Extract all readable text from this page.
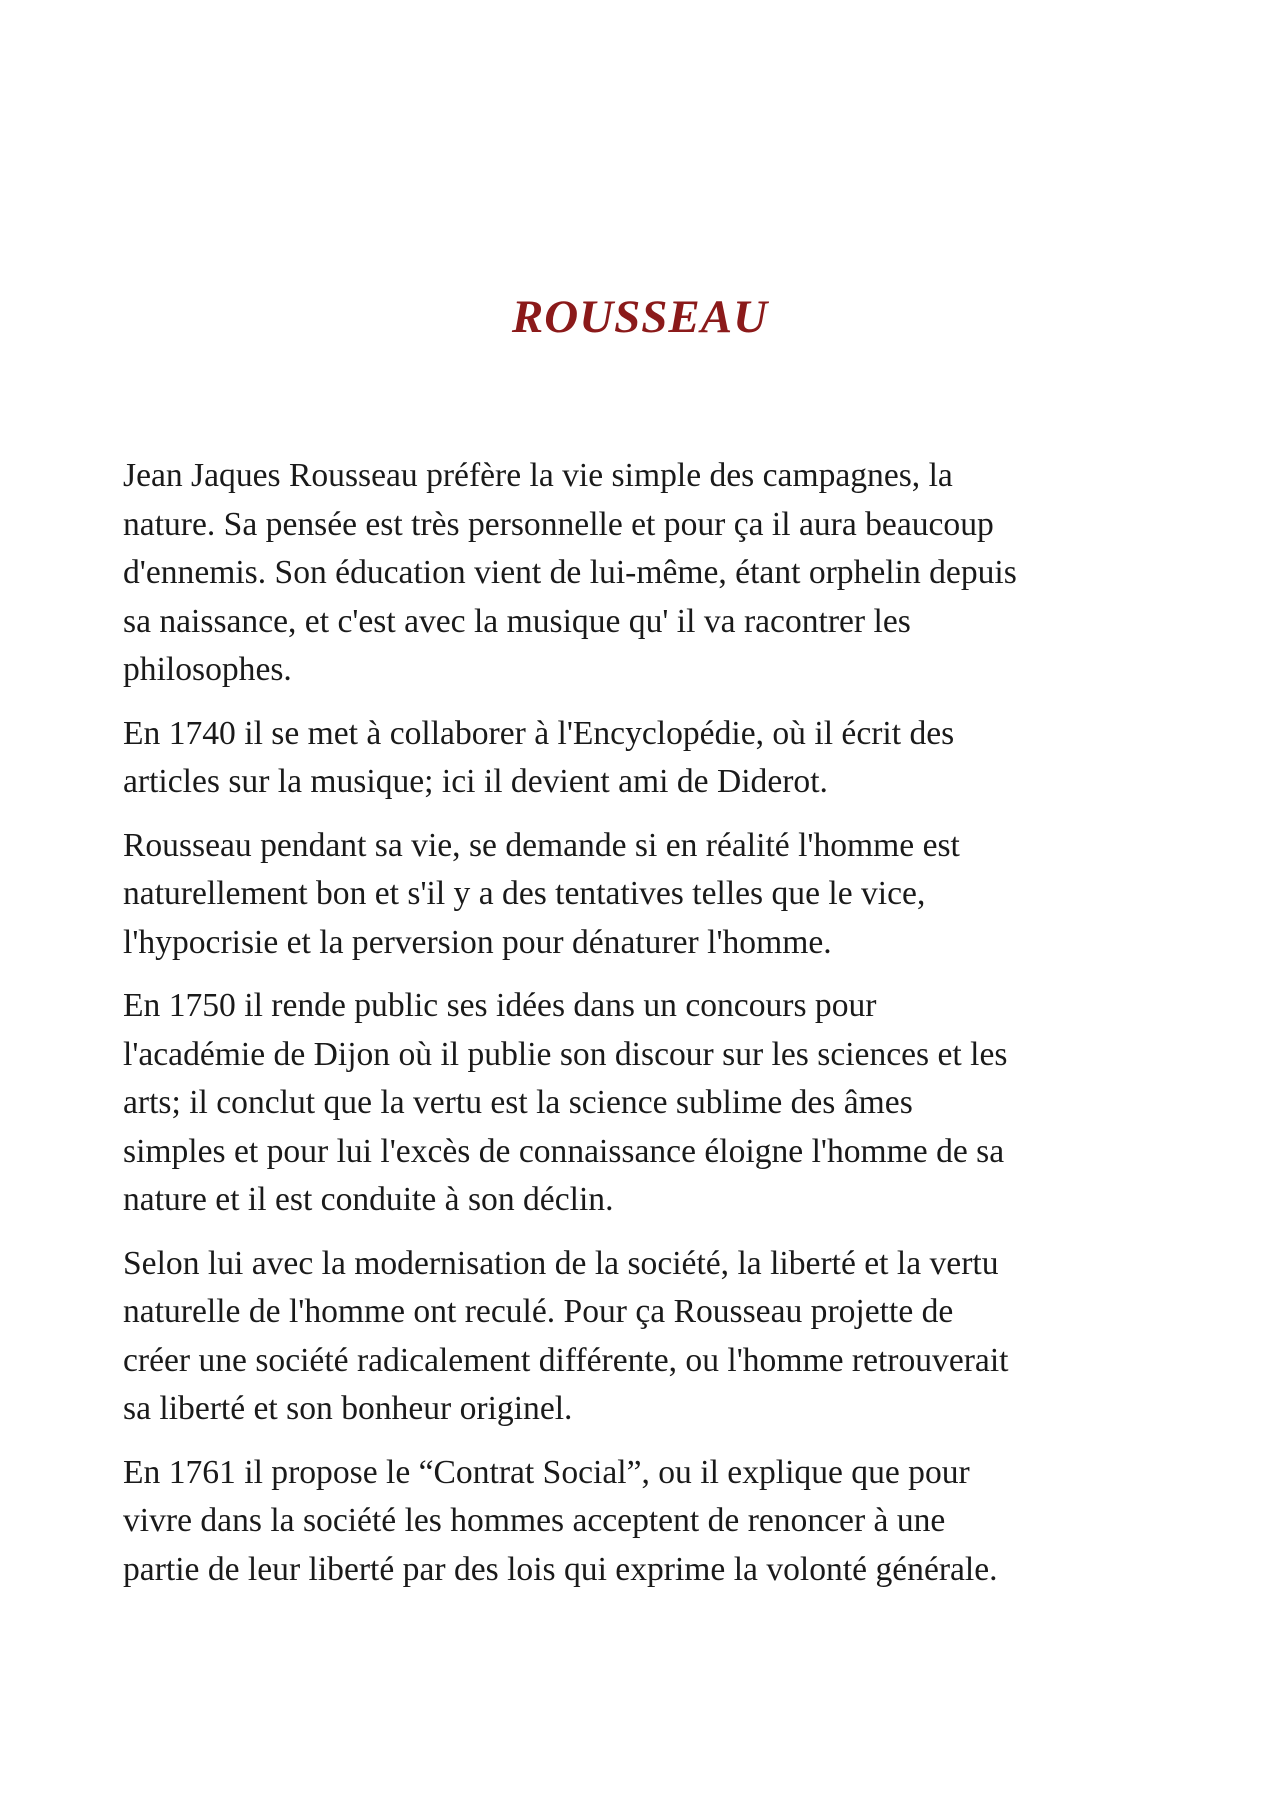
ROUSSEAU

Jean Jaques Rousseau préfère la vie simple des campagnes, la
nature. Sa pensée est très personnelle et pour ça il aura beaucoup
d'ennemis. Son éducation vient de lui-même, étant orphelin depuis
sa naissance, et c'est avec la musique qu' il va racontrer les
philosophes.

En 1740 il se met à collaborer à l'Encyclopédie, où il écrit des
articles sur la musique; ici il devient ami de Diderot.

Rousseau pendant sa vie, se demande si en réalité l'homme est
naturellement bon et s'il y a des tentatives telles que le vice,
l'hypocrisie et la perversion pour dénaturer l'homme.

En 1750 il rende public ses idées dans un concours pour
l'académie de Dijon où il publie son discour sur les sciences et les
arts; il conclut que la vertu est la science sublime des âmes
simples et pour lui l'excès de connaissance éloigne l'homme de sa
nature et il est conduite à son déclin.

Selon lui avec la modernisation de la société, la liberté et la vertu
naturelle de l'homme ont reculé. Pour ça Rousseau projette de
créer une société radicalement différente, ou l'homme retrouverait
sa liberté et son bonheur originel.

En 1761 il propose le “Contrat Social”, ou il explique que pour
vivre dans la société les hommes acceptent de renoncer à une
partie de leur liberté par des lois qui exprime la volonté générale.
